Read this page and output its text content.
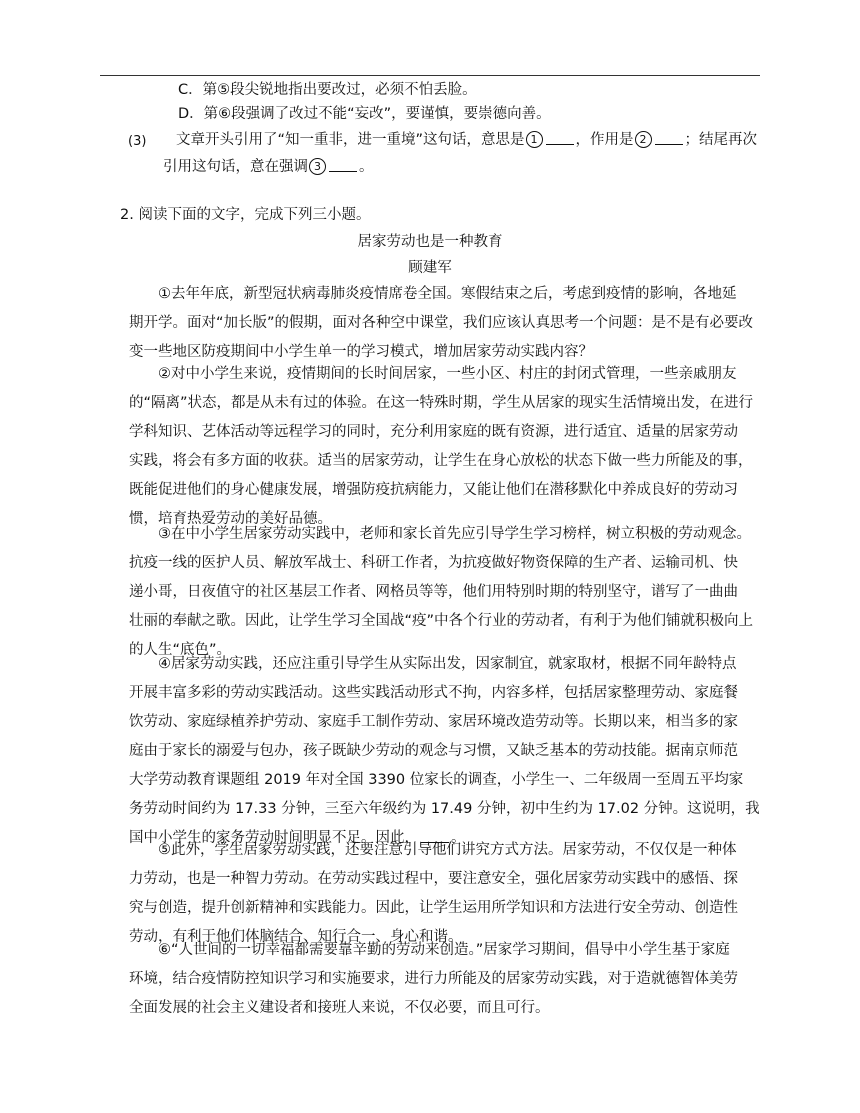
C．第⑤段尖锐地指出要改过，必须不怕丢脸。
D．第⑥段强调了改过不能“妄改”，要谨慎，要崇德向善。
(3) 文章开头引用了“知一重非，进一重境”这句话，意思是 1	，作用是 2	；结尾再次
引用这句话，意在强调 3	。
2. 阅读下面的文字，完成下列三小题。
居家劳动也是一种教育
顾建军
①去年年底，新型冠状病毒肺炎疫情席卷全国。寒假结束之后，考虑到疫情的影响，各地延
期开学。面对“加长版”的假期，面对各种空中课堂，我们应该认真思考一个问题：是不是有必要改
变一些地区防疫期间中小学生单一的学习模式，增加居家劳动实践内容？
②对中小学生来说，疫情期间的长时间居家，一些小区、村庄的封闭式管理，一些亲戚朋友
的“隔离”状态，都是从未有过的体验。在这一特殊时期，学生从居家的现实生活情境出发，在进行
学科知识、艺体活动等远程学习的同时，充分利用家庭的既有资源，进行适宜、适量的居家劳动
实践，将会有多方面的收获。适当的居家劳动，让学生在身心放松的状态下做一些力所能及的事，
既能促进他们的身心健康发展，增强防疫抗病能力，又能让他们在潜移默化中养成良好的劳动习
惯，培育热爱劳动的美好品德。
③在中小学生居家劳动实践中，老师和家长首先应引导学生学习榜样，树立积极的劳动观念。
抗疫一线的医护人员、解放军战士、科研工作者，为抗疫做好物资保障的生产者、运输司机、快
递小哥，日夜值守的社区基层工作者、网格员等等，他们用特别时期的特别坚守，谱写了一曲曲
壮丽的奉献之歌。因此，让学生学习全国战“疫”中各个行业的劳动者，有利于为他们铺就积极向上
的人生“底色”。
④居家劳动实践，还应注重引导学生从实际出发，因家制宜，就家取材，根据不同年龄特点
开展丰富多彩的劳动实践活动。这些实践活动形式不拘，内容多样，包括居家整理劳动、家庭餐
饮劳动、家庭绿植养护劳动、家庭手工制作劳动、家居环境改造劳动等。长期以来，相当多的家
庭由于家长的溺爱与包办，孩子既缺少劳动的观念与习惯，又缺乏基本的劳动技能。据南京师范
大学劳动教育课题组 2019 年对全国 3390 位家长的调查，小学生一、二年级周一至周五平均家
务劳动时间约为 17.33 分钟，三至六年级约为 17.49 分钟，初中生约为 17.02 分钟。这说明，我
国中小学生的家务劳动时间明显不足。因此， 。
⑤此外，学生居家劳动实践，还要注意引导他们讲究方式方法。居家劳动，不仅仅是一种体
力劳动，也是一种智力劳动。在劳动实践过程中，要注意安全，强化居家劳动实践中的感悟、探
究与创造，提升创新精神和实践能力。因此，让学生运用所学知识和方法进行安全劳动、创造性
劳动，有利于他们体脑结合、知行合一、身心和谐。
⑥“人世间的一切幸福都需要靠辛勤的劳动来创造。”居家学习期间，倡导中小学生基于家庭
环境，结合疫情防控知识学习和实施要求，进行力所能及的居家劳动实践，对于造就德智体美劳
全面发展的社会主义建设者和接班人来说，不仅必要，而且可行。
